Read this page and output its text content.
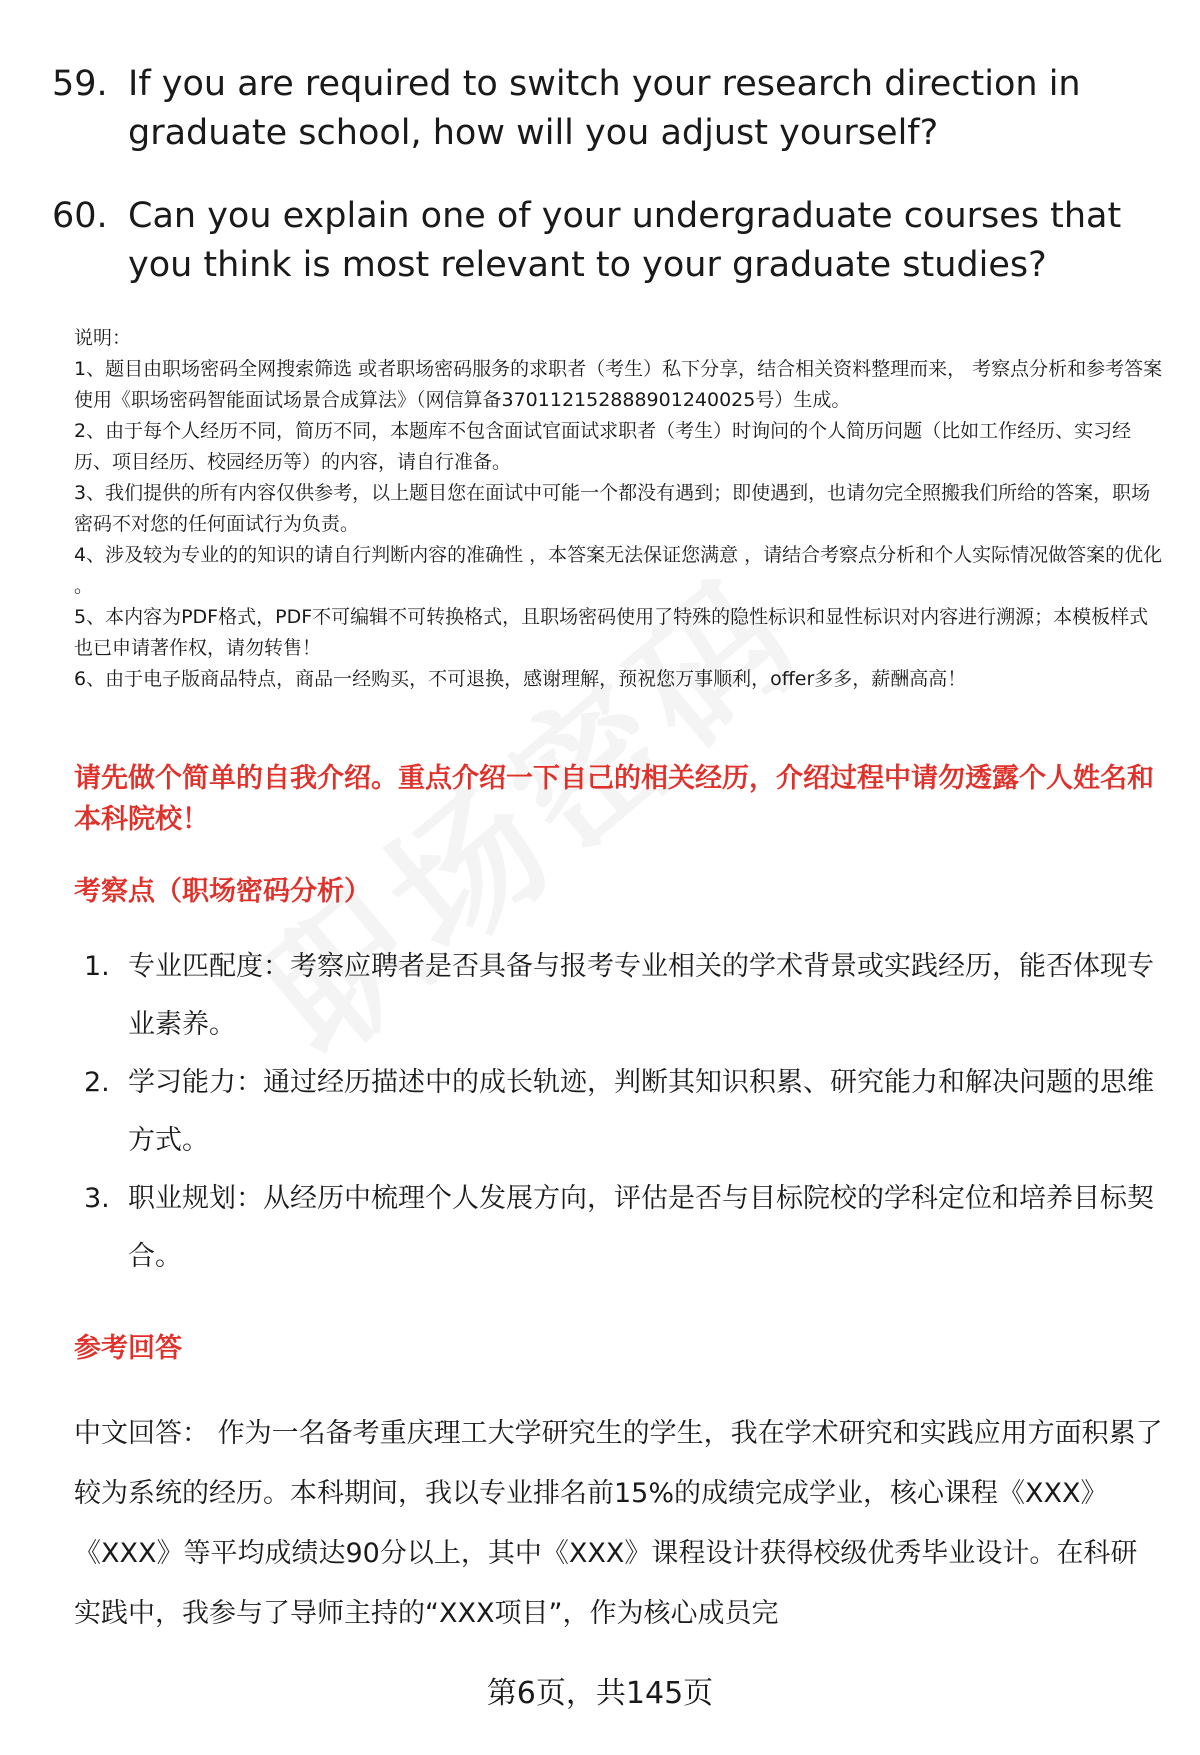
59. If you are required to switch your research direction in graduate school, how will you adjust yourself?
60. Can you explain one of your undergraduate courses that you think is most relevant to your graduate studies?

说明：

1、题目由职场密码全网搜索筛选 或者职场密码服务的求职者（考生）私下分享，结合相关资料整理而来， 考察点分析和参考答案使用《职场密码智能面试场景合成算法》（网信算备370112152888901240025号）生成。

2、由于每个人经历不同，简历不同，本题库不包含面试官面试求职者（考生）时询问的个人简历问题（比如工作经历、实习经历、项目经历、校园经历等）的内容，请自行准备。

3、我们提供的所有内容仅供参考，以上题目您在面试中可能一个都没有遇到；即使遇到，也请勿完全照搬我们所给的答案，职场密码不对您的任何面试行为负责。

4、涉及较为专业的的知识的请自行判断内容的准确性 ，本答案无法保证您满意 ，请结合考察点分析和个人实际情况做答案的优化 。

5、本内容为PDF格式，PDF不可编辑不可转换格式，且职场密码使用了特殊的隐性标识和显性标识对内容进行溯源；本模板样式也已申请著作权，请勿转售！

6、由于电子版商品特点，商品一经购买，不可退换，感谢理解，预祝您万事顺利，offer多多，薪酬高高！

请先做个简单的自我介绍。重点介绍一下自己的相关经历，介绍过程中请勿透露个人姓名和本科院校！
考察点（职场密码分析）
1. 专业匹配度：考察应聘者是否具备与报考专业相关的学术背景或实践经历，能否体现专业素养。
2. 学习能力：通过经历描述中的成长轨迹，判断其知识积累、研究能力和解决问题的思维方式。
3. 职业规划：从经历中梳理个人发展方向，评估是否与目标院校的学科定位和培养目标契合。
参考回答
中文回答： 作为一名备考重庆理工大学研究生的学生，我在学术研究和实践应用方面积累了较为系统的经历。本科期间，我以专业排名前15%的成绩完成学业，核心课程《XXX》《XXX》等平均成绩达90分以上，其中《XXX》课程设计获得校级优秀毕业设计。在科研实践中，我参与了导师主持的“XXX项目”，作为核心成员完
第6页，共145页
